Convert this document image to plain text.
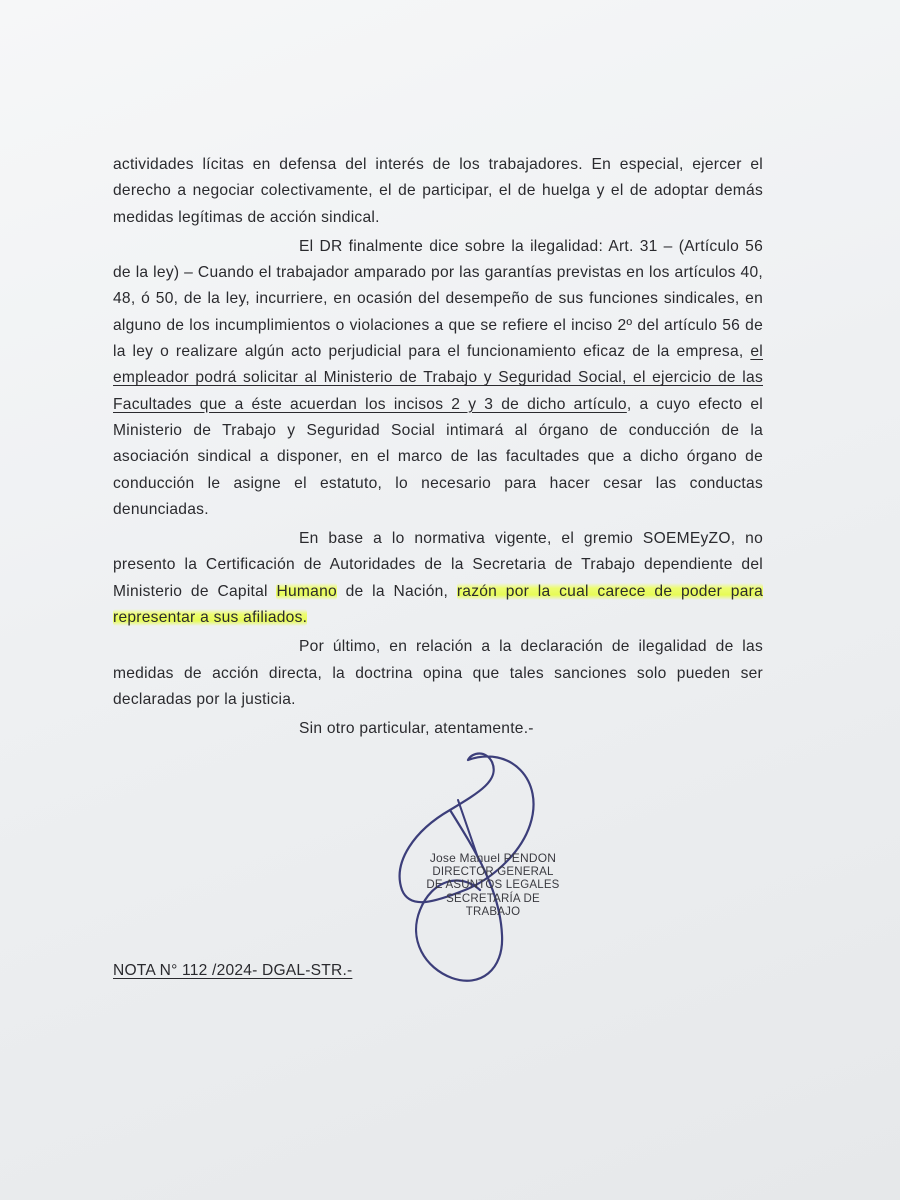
actividades lícitas en defensa del interés de los trabajadores. En especial, ejercer el derecho a negociar colectivamente, el de participar, el de huelga y el de adoptar demás medidas legítimas de acción sindical.

El DR finalmente dice sobre la ilegalidad: Art. 31 – (Artículo 56 de la ley) – Cuando el trabajador amparado por las garantías previstas en los artículos 40, 48, ó 50, de la ley, incurriere, en ocasión del desempeño de sus funciones sindicales, en alguno de los incumplimientos o violaciones a que se refiere el inciso 2º del artículo 56 de la ley o realizare algún acto perjudicial para el funcionamiento eficaz de la empresa, el empleador podrá solicitar al Ministerio de Trabajo y Seguridad Social, el ejercicio de las Facultades que a éste acuerdan los incisos 2 y 3 de dicho artículo, a cuyo efecto el Ministerio de Trabajo y Seguridad Social intimará al órgano de conducción de la asociación sindical a disponer, en el marco de las facultades que a dicho órgano de conducción le asigne el estatuto, lo necesario para hacer cesar las conductas denunciadas.

En base a lo normativa vigente, el gremio SOEMEyZO, no presento la Certificación de Autoridades de la Secretaria de Trabajo dependiente del Ministerio de Capital Humano de la Nación, razón por la cual carece de poder para representar a sus afiliados.

Por último, en relación a la declaración de ilegalidad de las medidas de acción directa, la doctrina opina que tales sanciones solo pueden ser declaradas por la justicia.

Sin otro particular, atentamente.-
Jose Manuel PENDON
DIRECTOR GENERAL
DE ASUNTOS LEGALES
SECRETARÍA DE TRABAJO
NOTA N° 112 /2024- DGAL-STR.-
